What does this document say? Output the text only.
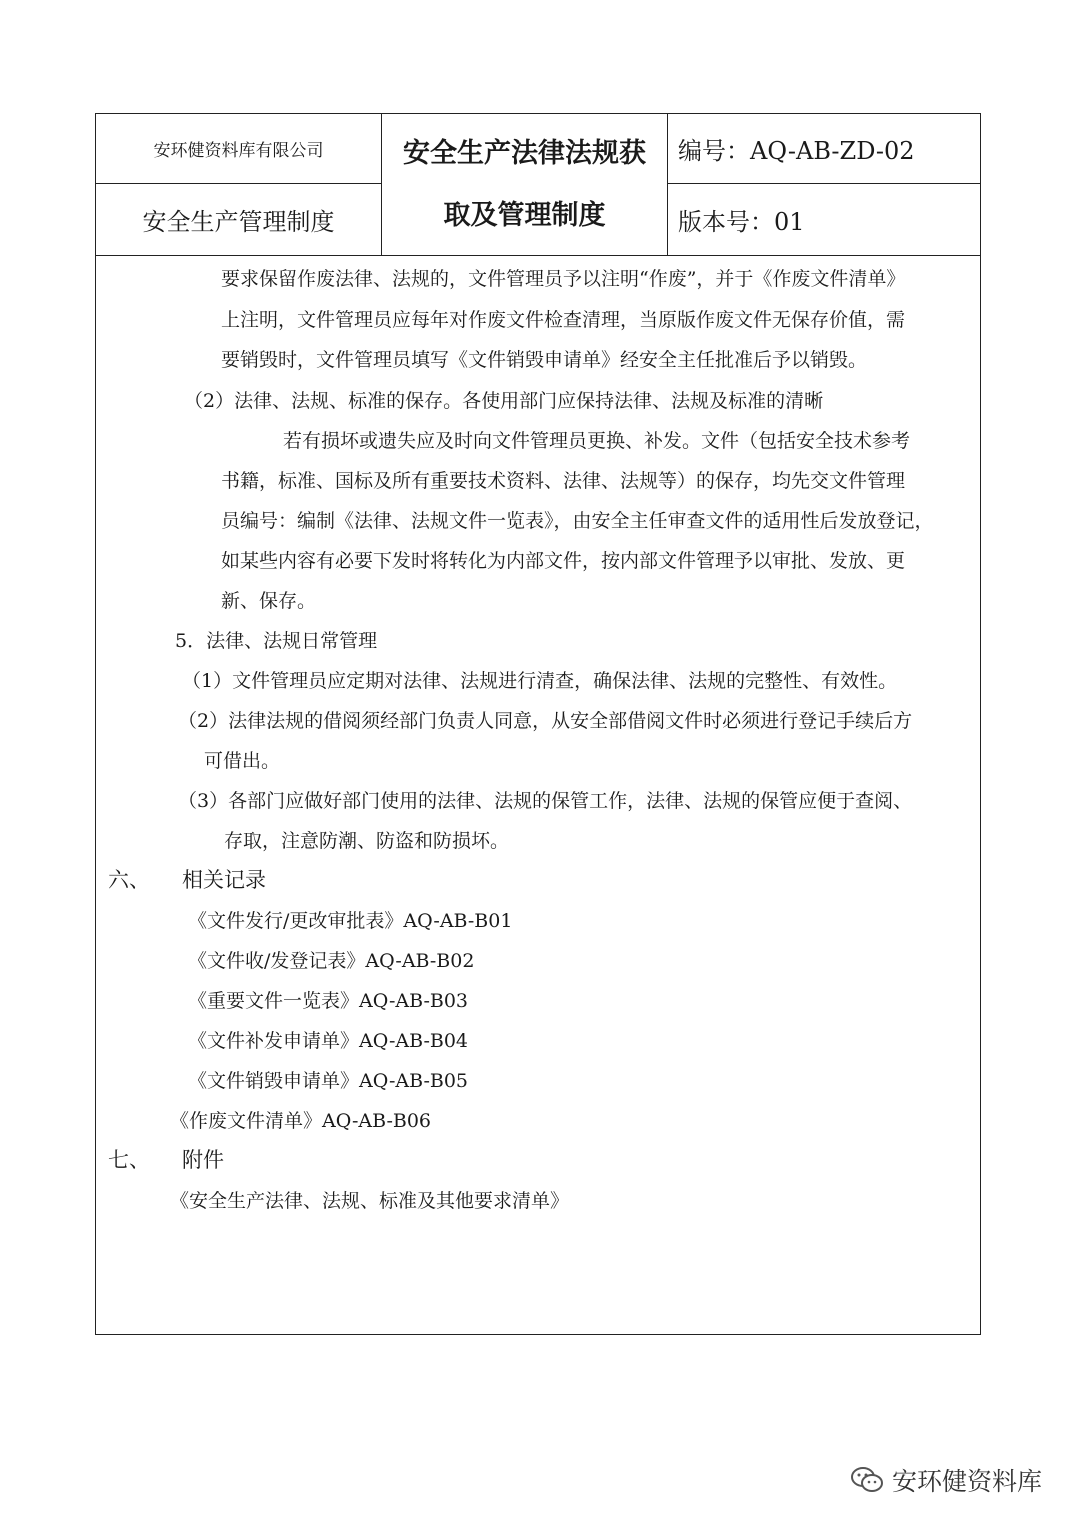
安环健资料库有限公司
安全生产管理制度
安全生产法律法规获
取及管理制度
编号：AQ-AB-ZD-02
版本号：01
要求保留作废法律、法规的，文件管理员予以注明“作废”，并于《作废文件清单》
上注明，文件管理员应每年对作废文件检查清理，当原版作废文件无保存价值，需
要销毁时，文件管理员填写《文件销毁申请单》经安全主任批准后予以销毁。
（2）法律、法规、标准的保存。各使用部门应保持法律、法规及标准的清晰
若有损坏或遗失应及时向文件管理员更换、补发。文件（包括安全技术参考
书籍，标准、国标及所有重要技术资料、法律、法规等）的保存，均先交文件管理
员编号：编制《法律、法规文件一览表》，由安全主任审查文件的适用性后发放登记，
如某些内容有必要下发时将转化为内部文件，按内部文件管理予以审批、发放、更
新、保存。
5．法律、法规日常管理
（1）文件管理员应定期对法律、法规进行清查，确保法律、法规的完整性、有效性。
（2）法律法规的借阅须经部门负责人同意，从安全部借阅文件时必须进行登记手续后方
可借出。
（3）各部门应做好部门使用的法律、法规的保管工作，法律、法规的保管应便于查阅、
存取，注意防潮、防盗和防损坏。
六、 相关记录
《文件发行/更改审批表》AQ-AB-B01
《文件收/发登记表》AQ-AB-B02
《重要文件一览表》AQ-AB-B03
《文件补发申请单》AQ-AB-B04
《文件销毁申请单》AQ-AB-B05
《作废文件清单》AQ-AB-B06
七、 附件
《安全生产法律、法规、标准及其他要求清单》
安环健资料库
